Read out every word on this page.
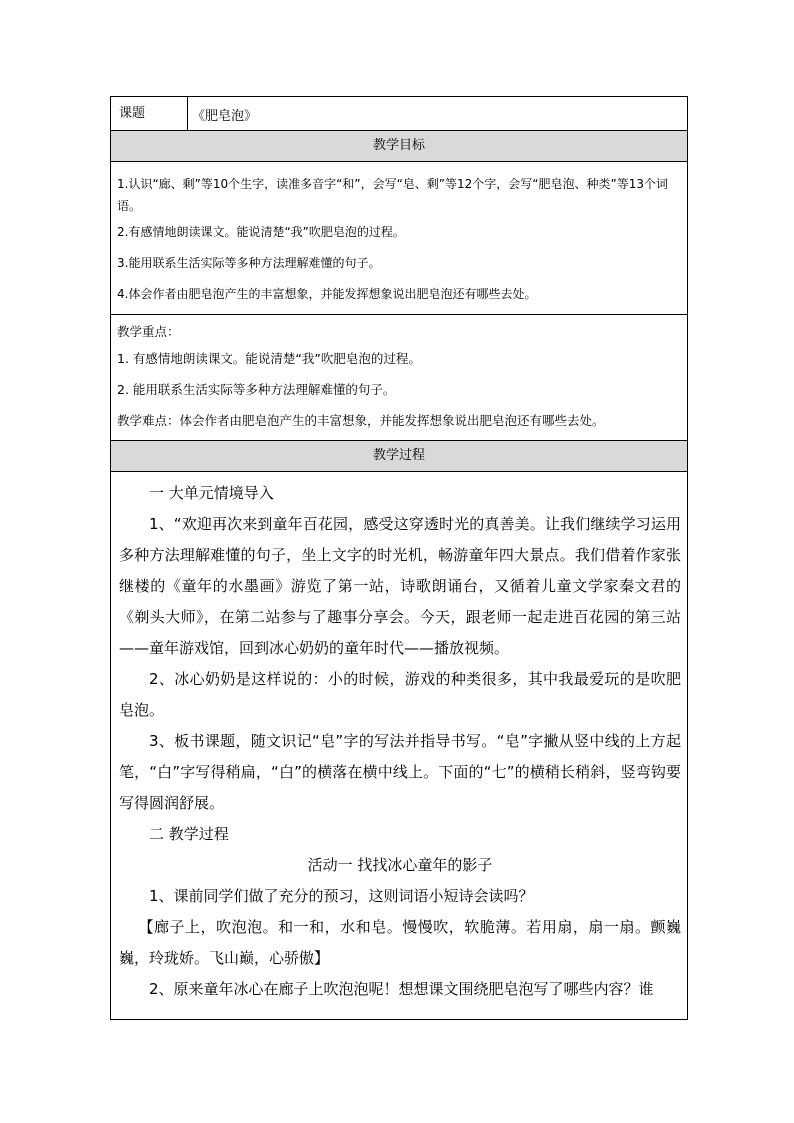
课题	《肥皂泡》
教学目标

1.认识“廊、剩”等10个生字，读准多音字“和”，会写“皂、剩”等12个字，会写“肥皂泡、种类”等13个词语。

2.有感情地朗读课文。能说清楚“我”吹肥皂泡的过程。

3.能用联系生活实际等多种方法理解难懂的句子。

4.体会作者由肥皂泡产生的丰富想象，并能发挥想象说出肥皂泡还有哪些去处。

教学重点：

1. 有感情地朗读课文。能说清楚“我”吹肥皂泡的过程。

2. 能用联系生活实际等多种方法理解难懂的句子。

教学难点：体会作者由肥皂泡产生的丰富想象，并能发挥想象说出肥皂泡还有哪些去处。

教学过程

一 大单元情境导入

1、“欢迎再次来到童年百花园，感受这穿透时光的真善美。让我们继续学习运用多种方法理解难懂的句子，坐上文字的时光机，畅游童年四大景点。我们借着作家张继楼的《童年的水墨画》游览了第一站，诗歌朗诵台，又循着儿童文学家秦文君的《剃头大师》，在第二站参与了趣事分享会。今天，跟老师一起走进百花园的第三站——童年游戏馆，回到冰心奶奶的童年时代——播放视频。

2、冰心奶奶是这样说的：小的时候，游戏的种类很多，其中我最爱玩的是吹肥皂泡。

3、板书课题，随文识记“皂”字的写法并指导书写。“皂”字撇从竖中线的上方起笔，“白”字写得稍扁，“白”的横落在横中线上。下面的“七”的横稍长稍斜，竖弯钩要写得圆润舒展。

二 教学过程

活动一 找找冰心童年的影子

1、课前同学们做了充分的预习，这则词语小短诗会读吗？

【廊子上，吹泡泡。和一和，水和皂。慢慢吹，软脆薄。若用扇，扇一扇。颤巍巍，玲珑娇。飞山巅，心骄傲】

2、原来童年冰心在廊子上吹泡泡呢！想想课文围绕肥皂泡写了哪些内容？谁
